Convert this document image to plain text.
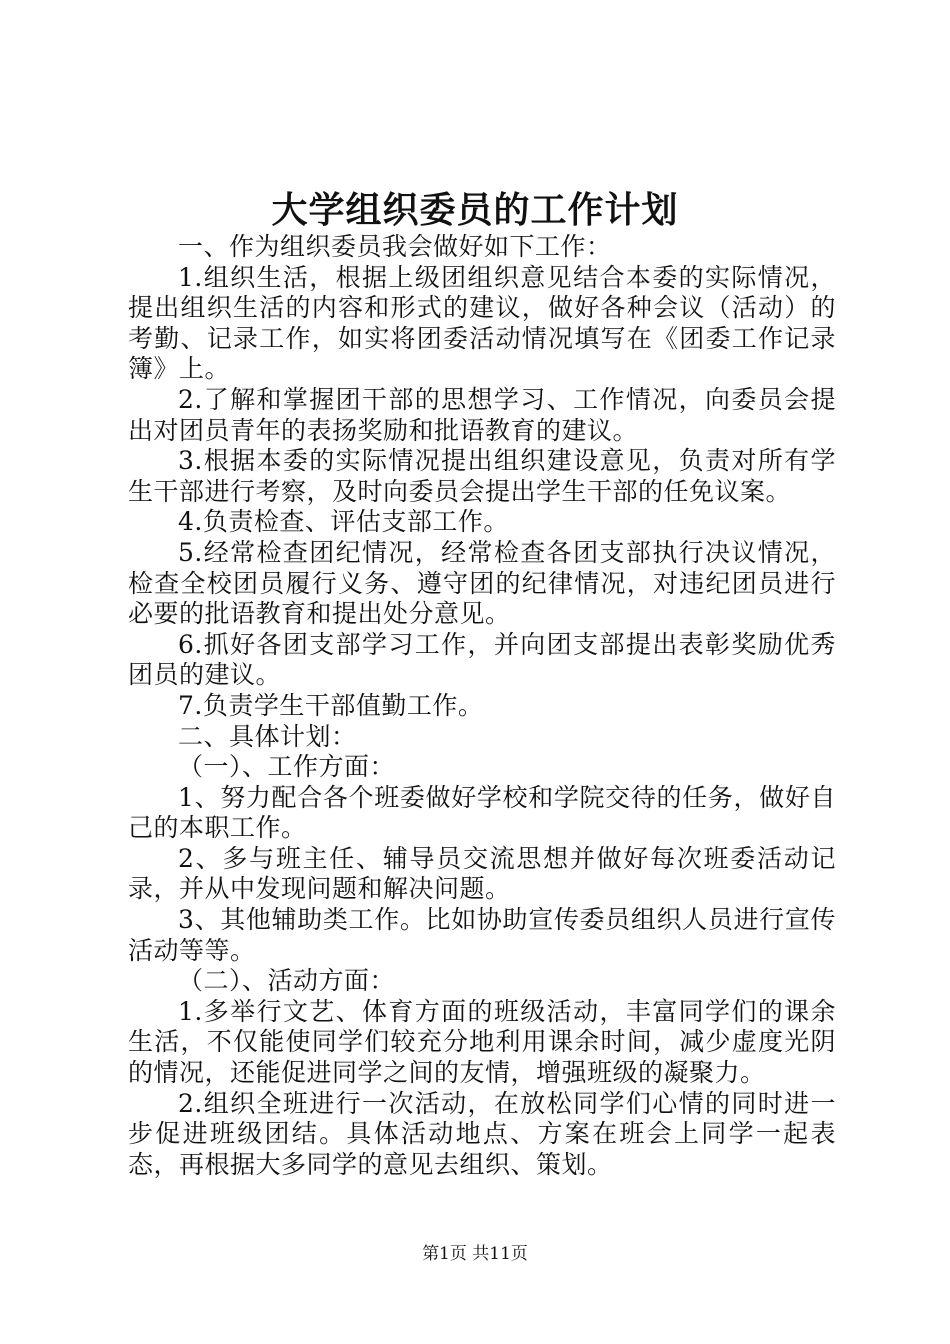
大学组织委员的工作计划

一、作为组织委员我会做好如下工作：

1.组织生活，根据上级团组织意见结合本委的实际情况，提出组织生活的内容和形式的建议，做好各种会议（活动）的考勤、记录工作，如实将团委活动情况填写在《团委工作记录簿》上。

2.了解和掌握团干部的思想学习、工作情况，向委员会提出对团员青年的表扬奖励和批语教育的建议。

3.根据本委的实际情况提出组织建设意见，负责对所有学生干部进行考察，及时向委员会提出学生干部的任免议案。

4.负责检查、评估支部工作。

5.经常检查团纪情况，经常检查各团支部执行决议情况，检查全校团员履行义务、遵守团的纪律情况，对违纪团员进行必要的批语教育和提出处分意见。

6.抓好各团支部学习工作，并向团支部提出表彰奖励优秀团员的建议。

7.负责学生干部值勤工作。

二、具体计划：

（一）、工作方面：

1、努力配合各个班委做好学校和学院交待的任务，做好自己的本职工作。

2、多与班主任、辅导员交流思想并做好每次班委活动记录，并从中发现问题和解决问题。

3、其他辅助类工作。比如协助宣传委员组织人员进行宣传活动等等。

（二）、活动方面：

1.多举行文艺、体育方面的班级活动，丰富同学们的课余生活，不仅能使同学们较充分地利用课余时间，减少虚度光阴的情况，还能促进同学之间的友情，增强班级的凝聚力。

2.组织全班进行一次活动，在放松同学们心情的同时进一步促进班级团结。具体活动地点、方案在班会上同学一起表态，再根据大多同学的意见去组织、策划。

第1页 共11页
